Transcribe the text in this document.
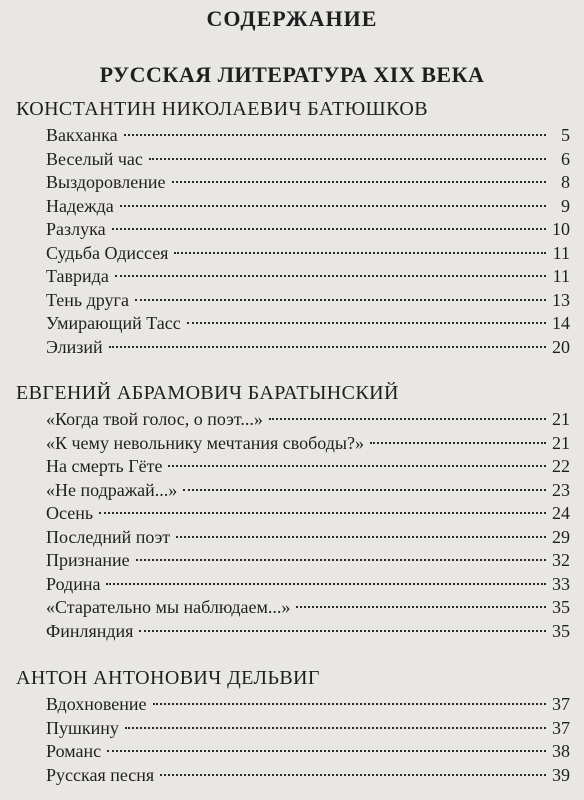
СОДЕРЖАНИЕ
РУССКАЯ ЛИТЕРАТУРА XIX ВЕКА
КОНСТАНТИН НИКОЛАЕВИЧ БАТЮШКОВ
Вакханка	5
Веселый час	6
Выздоровление	8
Надежда	9
Разлука	10
Судьба Одиссея	11
Таврида	11
Тень друга	13
Умирающий Тасс	14
Элизий	20
ЕВГЕНИЙ АБРАМОВИЧ БАРАТЫНСКИЙ
«Когда твой голос, о поэт...»	21
«К чему невольнику мечтания свободы?»	21
На смерть Гёте	22
«Не подражай...»	23
Осень	24
Последний поэт	29
Признание	32
Родина	33
«Старательно мы наблюдаем...»	35
Финляндия	35
АНТОН АНТОНОВИЧ ДЕЛЬВИГ
Вдохновение	37
Пушкину	37
Романс	38
Русская песня	39
